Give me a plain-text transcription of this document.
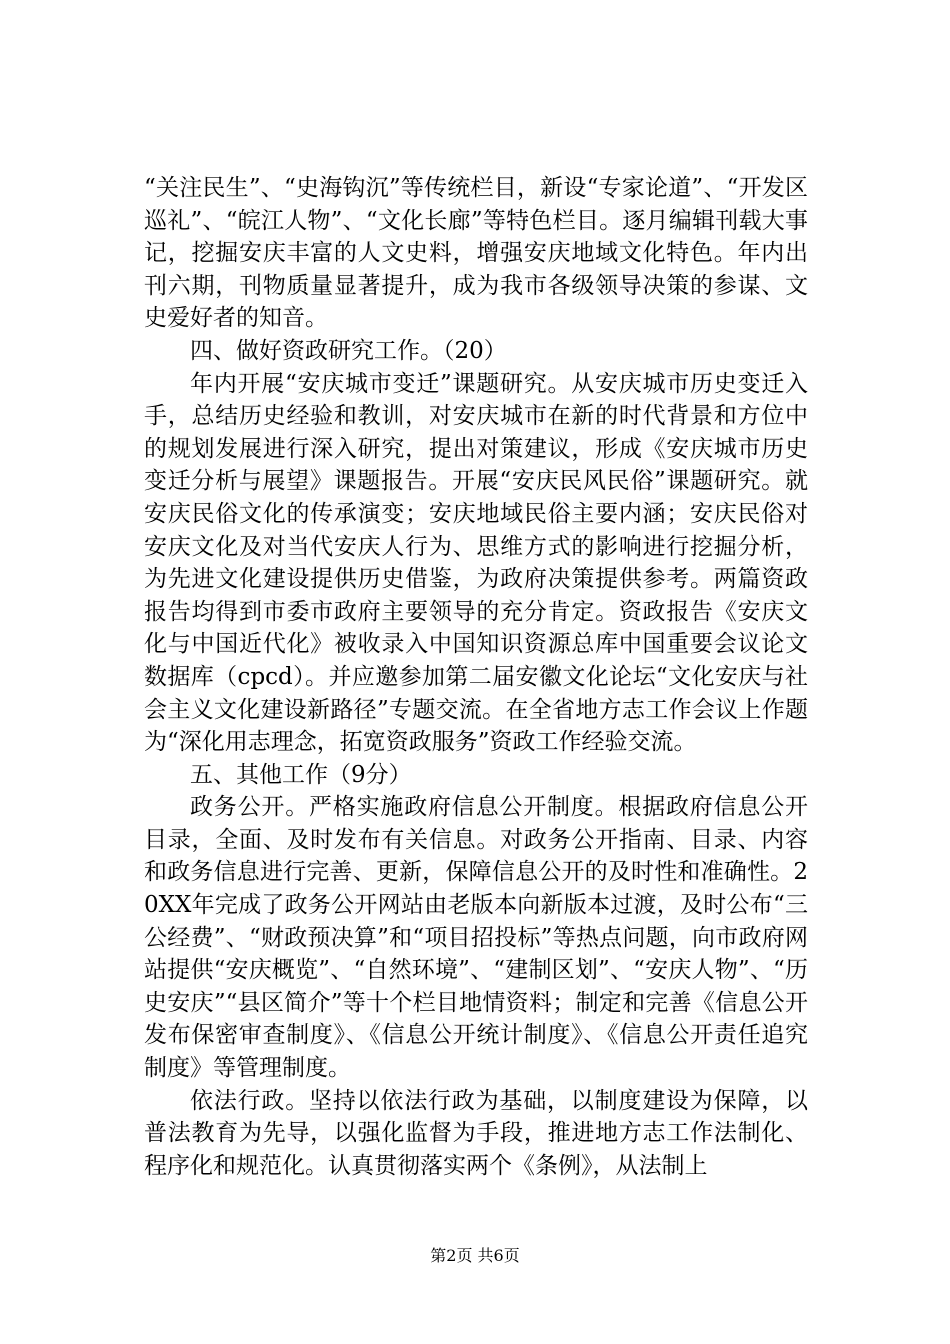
“关注民生”、“史海钩沉”等传统栏目，新设“专家论道”、“开发区巡礼”、“皖江人物”、“文化长廊”等特色栏目。逐月编辑刊载大事记，挖掘安庆丰富的人文史料，增强安庆地域文化特色。年内出刊六期，刊物质量显著提升，成为我市各级领导决策的参谋、文史爱好者的知音。

四、做好资政研究工作。（20）

年内开展“安庆城市变迁”课题研究。从安庆城市历史变迁入手，总结历史经验和教训，对安庆城市在新的时代背景和方位中的规划发展进行深入研究，提出对策建议，形成《安庆城市历史变迁分析与展望》课题报告。开展“安庆民风民俗”课题研究。就安庆民俗文化的传承演变；安庆地域民俗主要内涵；安庆民俗对安庆文化及对当代安庆人行为、思维方式的影响进行挖掘分析，为先进文化建设提供历史借鉴，为政府决策提供参考。两篇资政报告均得到市委市政府主要领导的充分肯定。资政报告《安庆文化与中国近代化》被收录入中国知识资源总库中国重要会议论文数据库（cpcd）。并应邀参加第二届安徽文化论坛“文化安庆与社会主义文化建设新路径”专题交流。在全省地方志工作会议上作题为“深化用志理念，拓宽资政服务”资政工作经验交流。

五、其他工作（9分）

政务公开。严格实施政府信息公开制度。根据政府信息公开目录，全面、及时发布有关信息。对政务公开指南、目录、内容和政务信息进行完善、更新，保障信息公开的及时性和准确性。20XX年完成了政务公开网站由老版本向新版本过渡，及时公布“三公经费”、“财政预决算”和“项目招投标”等热点问题，向市政府网站提供“安庆概览”、“自然环境”、“建制区划”、“安庆人物”、“历史安庆”“县区简介”等十个栏目地情资料；制定和完善《信息公开发布保密审查制度》、《信息公开统计制度》、《信息公开责任追究制度》等管理制度。

依法行政。坚持以依法行政为基础，以制度建设为保障，以普法教育为先导，以强化监督为手段，推进地方志工作法制化、程序化和规范化。认真贯彻落实两个《条例》，从法制上

第2页 共6页
